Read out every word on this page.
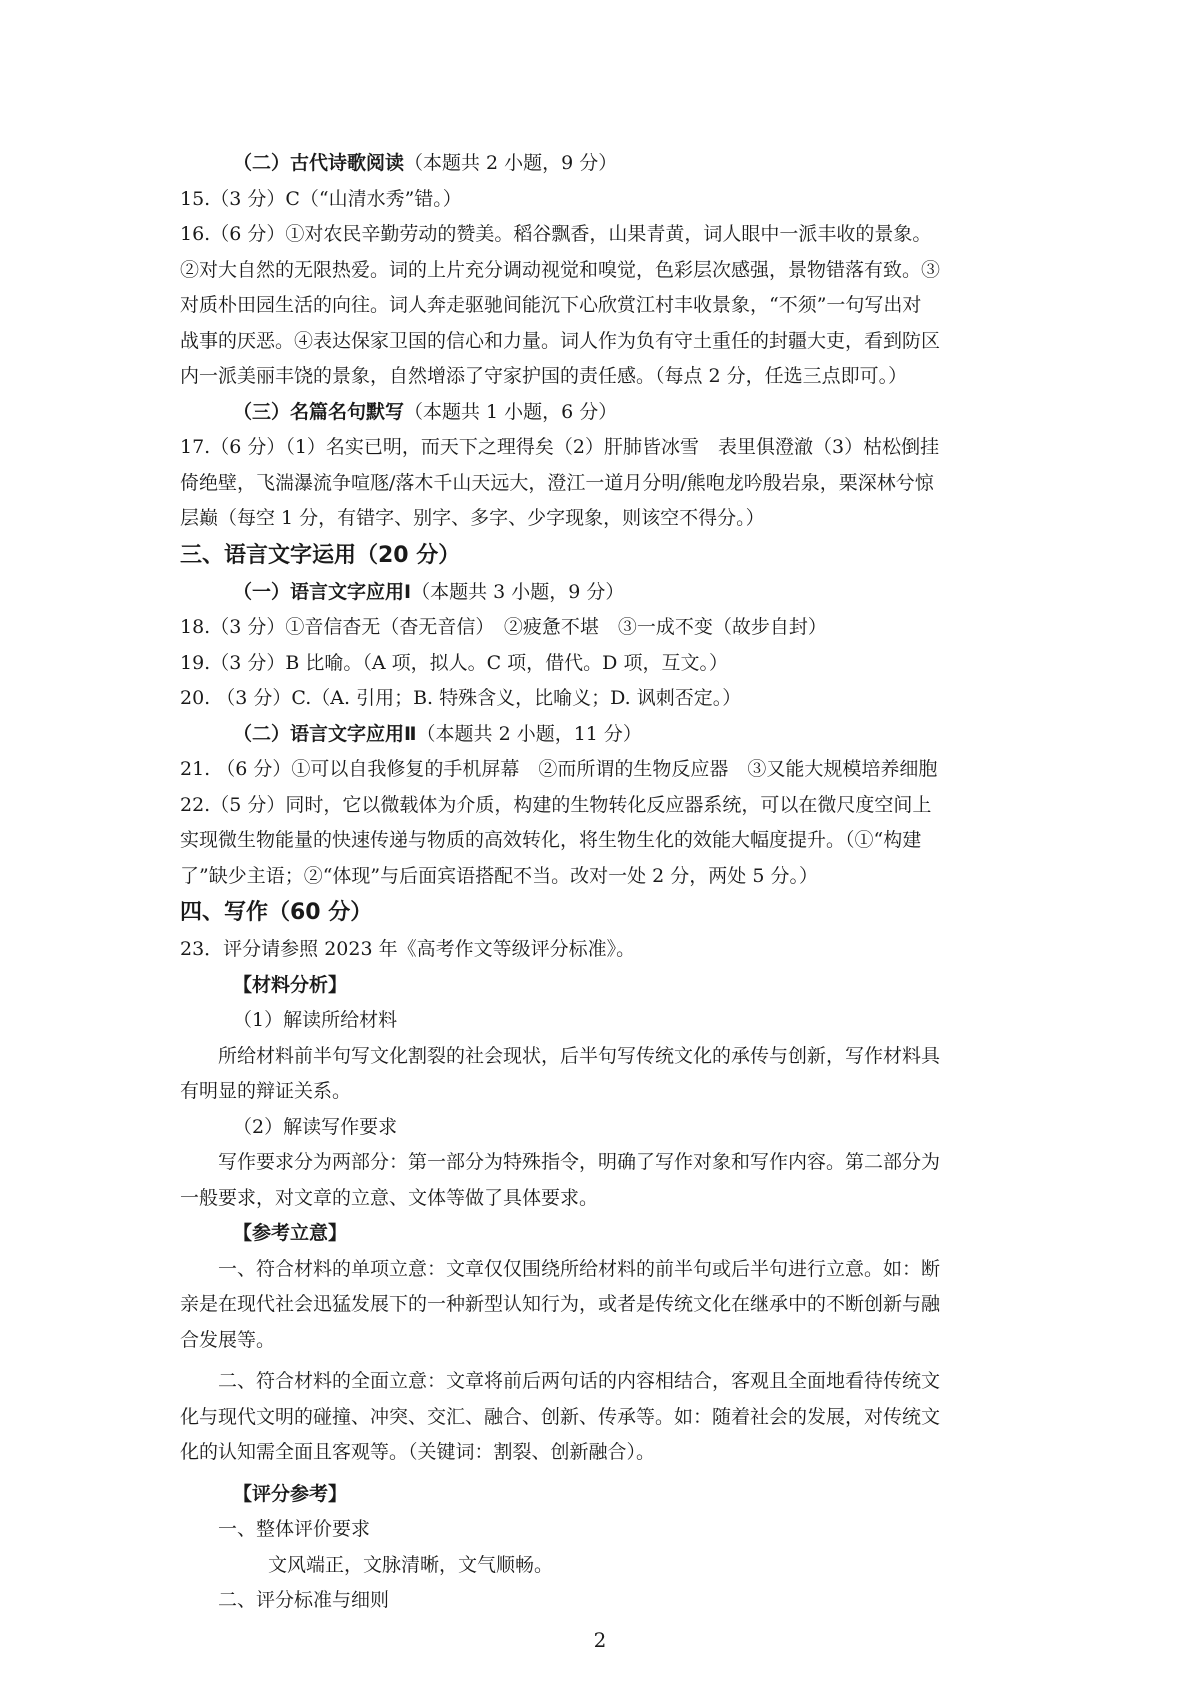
（二）古代诗歌阅读（本题共 2 小题，9 分）
15.（3 分）C（“山清水秀”错。）
16.（6 分）①对农民辛勤劳动的赞美。稻谷飘香，山果青黄，词人眼中一派丰收的景象。
②对大自然的无限热爱。词的上片充分调动视觉和嗅觉，色彩层次感强，景物错落有致。③
对质朴田园生活的向往。词人奔走驱驰间能沉下心欣赏江村丰收景象，“不须”一句写出对
战事的厌恶。④表达保家卫国的信心和力量。词人作为负有守土重任的封疆大吏，看到防区
内一派美丽丰饶的景象，自然增添了守家护国的责任感。（每点 2 分，任选三点即可。）
（三）名篇名句默写（本题共 1 小题，6 分）
17.（6 分）（1）名实已明，而天下之理得矣（2）肝肺皆冰雪　表里俱澄澈（3）枯松倒挂
倚绝壁，飞湍瀑流争喧豗/落木千山天远大，澄江一道月分明/熊咆龙吟殷岩泉，栗深林兮惊
层巅（每空 1 分，有错字、别字、多字、少字现象，则该空不得分。）
三、语言文字运用（20 分）
（一）语言文字应用Ⅰ（本题共 3 小题，9 分）
18.（3 分）①音信杳无（杳无音信）　②疲惫不堪　③一成不变（故步自封）
19.（3 分）B 比喻。（A 项，拟人。C 项，借代。D 项，互文。）
20. （3 分）C.（A. 引用；B. 特殊含义，比喻义；D. 讽刺否定。）
（二）语言文字应用Ⅱ（本题共 2 小题，11 分）
21. （6 分）①可以自我修复的手机屏幕　②而所谓的生物反应器　③又能大规模培养细胞
22.（5 分）同时，它以微载体为介质，构建的生物转化反应器系统，可以在微尺度空间上
实现微生物能量的快速传递与物质的高效转化，将生物生化的效能大幅度提升。（①“构建
了”缺少主语；②“体现”与后面宾语搭配不当。改对一处 2 分，两处 5 分。）
四、写作（60 分）
23．评分请参照 2023 年《高考作文等级评分标准》。
【材料分析】
（1）解读所给材料
所给材料前半句写文化割裂的社会现状，后半句写传统文化的承传与创新，写作材料具
有明显的辩证关系。
（2）解读写作要求
写作要求分为两部分：第一部分为特殊指令，明确了写作对象和写作内容。第二部分为
一般要求，对文章的立意、文体等做了具体要求。
【参考立意】
一、符合材料的单项立意：文章仅仅围绕所给材料的前半句或后半句进行立意。如：断
亲是在现代社会迅猛发展下的一种新型认知行为，或者是传统文化在继承中的不断创新与融
合发展等。
二、符合材料的全面立意：文章将前后两句话的内容相结合，客观且全面地看待传统文
化与现代文明的碰撞、冲突、交汇、融合、创新、传承等。如：随着社会的发展，对传统文
化的认知需全面且客观等。（关键词：割裂、创新融合）。
【评分参考】
一、整体评价要求
文风端正，文脉清晰，文气顺畅。
二、评分标准与细则
2
